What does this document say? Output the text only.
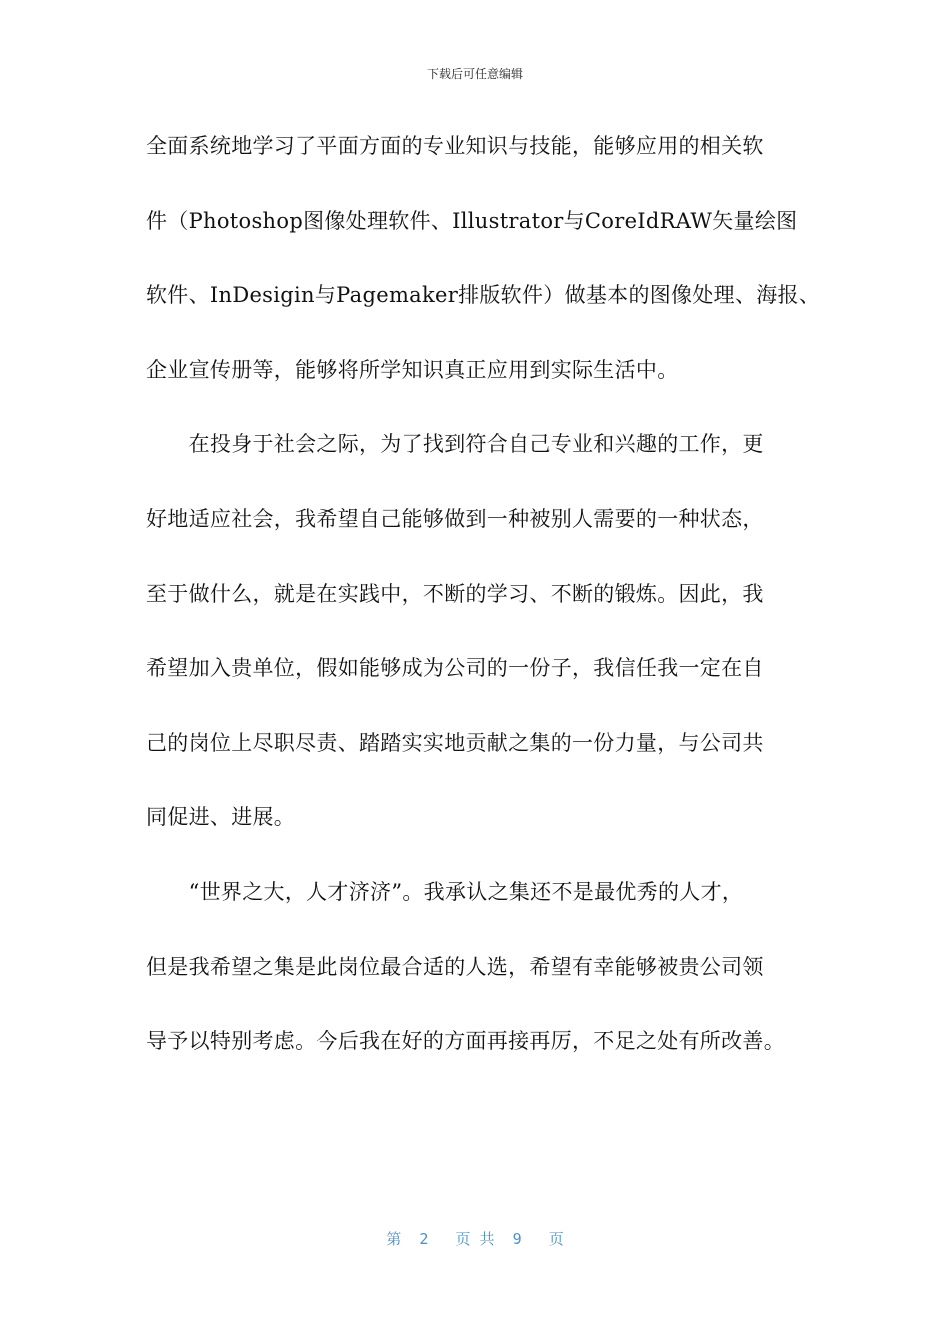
下载后可任意编辑
全面系统地学习了平面方面的专业知识与技能，能够应用的相关软
件（Photoshop图像处理软件、Illustrator与CoreIdRAW矢量绘图
软件、InDesigin与Pagemaker排版软件）做基本的图像处理、海报、
企业宣传册等，能够将所学知识真正应用到实际生活中。
　　在投身于社会之际，为了找到符合自己专业和兴趣的工作，更
好地适应社会，我希望自己能够做到一种被别人需要的一种状态，
至于做什么，就是在实践中，不断的学习、不断的锻炼。因此，我
希望加入贵单位，假如能够成为公司的一份子，我信任我一定在自
己的岗位上尽职尽责、踏踏实实地贡献之集的一份力量，与公司共
同促进、进展。
　　“世界之大，人才济济”。我承认之集还不是最优秀的人才，
但是我希望之集是此岗位最合适的人选，希望有幸能够被贵公司领
导予以特别考虑。今后我在好的方面再接再厉，不足之处有所改善。
第  2   页 共  9   页
